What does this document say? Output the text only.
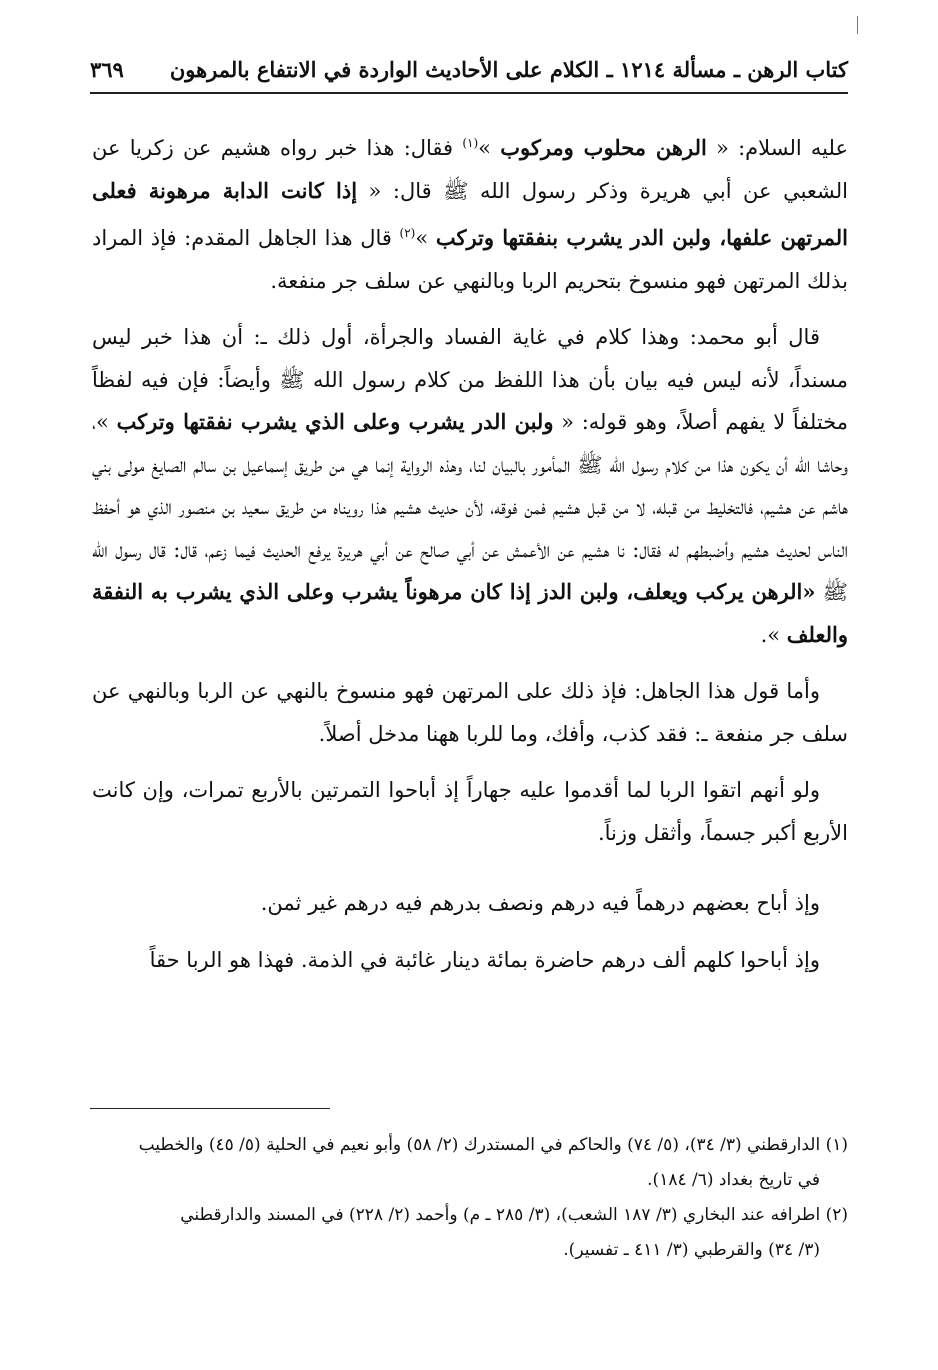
كتاب الرهن ـ مسألة ١٢١٤ ـ الكلام على الأحاديث الواردة في الانتفاع بالمرهون
٣٦٩

عليه السلام: « الرهن محلوب ومركوب »$^{(١)}$ فقال: هذا خبر رواه هشيم عن زكريا عن الشعبي عن أبي هريرة وذكر رسول الله ﷺ قال: « إذا كانت الدابة مرهونة فعلى المرتهن علفها، ولبن الدر يشرب بنفقتها وتركب »$^{(٢)}$ قال هذا الجاهل المقدم: فإذ المراد بذلك المرتهن فهو منسوخ بتحريم الربا وبالنهي عن سلف جر منفعة.

قال أبو محمد: وهذا كلام في غاية الفساد والجرأة، أول ذلك ـ: أن هذا خبر ليس مسنداً، لأنه ليس فيه بيان بأن هذا اللفظ من كلام رسول الله ﷺ وأيضاً: فإن فيه لفظاً مختلفاً لا يفهم أصلاً، وهو قوله: « ولبن الدر يشرب وعلى الذي يشرب نفقتها وتركب »، وحاشا الله أن يكون هذا من كلام رسول الله ﷺ المأمور بالبيان لنا، وهذه الرواية إنما هي من طريق إسماعيل بن سالم الصايغ مولى بني هاشم عن هشيم، فالتخليط من قبله، لا من قبل هشيم فمن فوقه، لأن حديث هشيم هذا رويناه من طريق سعيد بن منصور الذي هو أحفظ الناس لحديث هشيم وأضبطهم له فقال: نا هشيم عن الأعمش عن أبي صالح عن أبي هريرة يرفع الحديث فيما زعم، قال: قال رسول الله ﷺ «الرهن يركب ويعلف، ولبن الدز إذا كان مرهوناً يشرب وعلى الذي يشرب به النفقة والعلف ».

وأما قول هذا الجاهل: فإذ ذلك على المرتهن فهو منسوخ بالنهي عن الربا وبالنهي عن سلف جر منفعة ـ: فقد كذب، وأفك، وما للربا ههنا مدخل أصلاً.

ولو أنهم اتقوا الربا لما أقدموا عليه جهاراً إذ أباحوا التمرتين بالأربع تمرات، وإن كانت الأربع أكبر جسماً، وأثقل وزناً.

وإذ أباح بعضهم درهماً فيه درهم ونصف بدرهم فيه درهم غير ثمن.

وإذ أباحوا كلهم ألف درهم حاضرة بمائة دينار غائبة في الذمة. فهذا هو الربا حقاً

(١) الدارقطني (٣/ ٣٤)، (٥/ ٧٤) والحاكم في المستدرك (٢/ ٥٨) وأبو نعيم في الحلية (٥/ ٤٥) والخطيب

في تاريخ بغداد (٦/ ١٨٤).

(٢) اطرافه عند البخاري (٣/ ١٨٧ الشعب)، (٣/ ٢٨٥ ـ م) وأحمد (٢/ ٢٢٨) في المسند والدارقطني

(٣/ ٣٤) والقرطبي (٣/ ٤١١ ـ تفسير).
